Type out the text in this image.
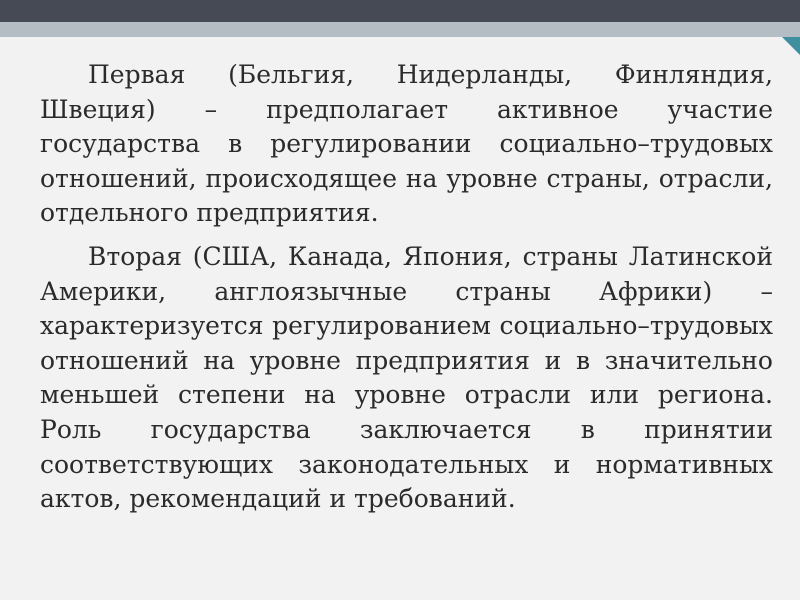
Первая (Бельгия, Нидерланды, Финляндия, Швеция) – предполагает активное участие государства в регулировании социально–трудовых отношений, происходящее на уровне страны, отрасли, отдельного предприятия.

Вторая (США, Канада, Япония, страны Латинской Америки, англоязычные страны Африки) – характеризуется регулированием социально–трудовых отношений на уровне предприятия и в значительно меньшей степени на уровне отрасли или региона. Роль государства заключается в принятии соответствующих законодательных и нормативных актов, рекомендаций и требований.
